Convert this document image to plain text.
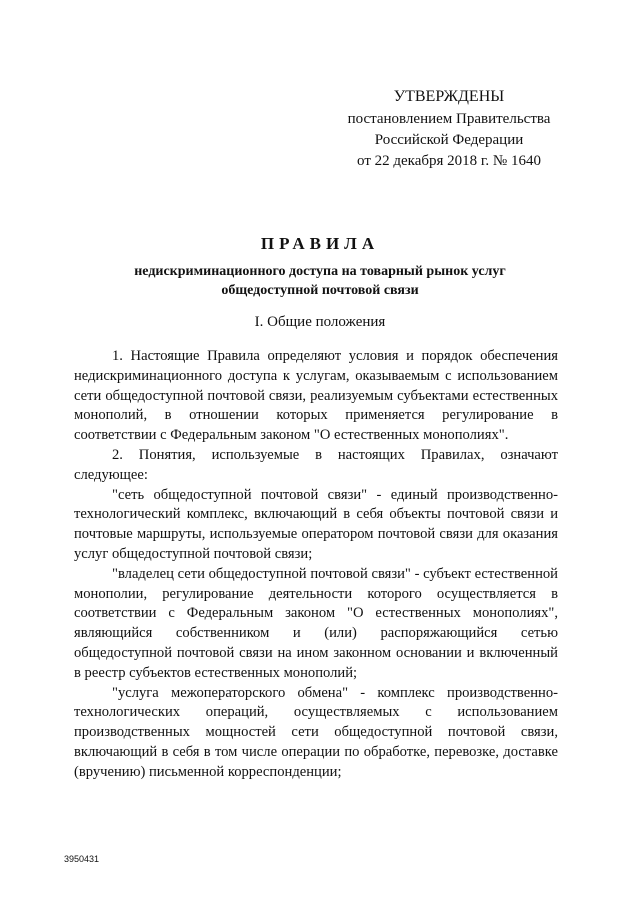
УТВЕРЖДЕНЫ
постановлением Правительства
Российской Федерации
от 22 декабря 2018 г. № 1640
ПРАВИЛА
недискриминационного доступа на товарный рынок услуг
общедоступной почтовой связи
I. Общие положения

1. Настоящие Правила определяют условия и порядок обеспечения недискриминационного доступа к услугам, оказываемым с использованием сети общедоступной почтовой связи, реализуемым субъектами естественных монополий, в отношении которых применяется регулирование в соответствии с Федеральным законом "О естественных монополиях".

2. Понятия, используемые в настоящих Правилах, означают следующее:

"сеть общедоступной почтовой связи" - единый производственно-технологический комплекс, включающий в себя объекты почтовой связи и почтовые маршруты, используемые оператором почтовой связи для оказания услуг общедоступной почтовой связи;

"владелец сети общедоступной почтовой связи" - субъект естественной монополии, регулирование деятельности которого осуществляется в соответствии с Федеральным законом "О естественных монополиях", являющийся собственником и (или) распоряжающийся сетью общедоступной почтовой связи на ином законном основании и включенный в реестр субъектов естественных монополий;

"услуга межоператорского обмена" - комплекс производственно-технологических операций, осуществляемых с использованием производственных мощностей сети общедоступной почтовой связи, включающий в себя в том числе операции по обработке, перевозке, доставке (вручению) письменной корреспонденции;

3950431
